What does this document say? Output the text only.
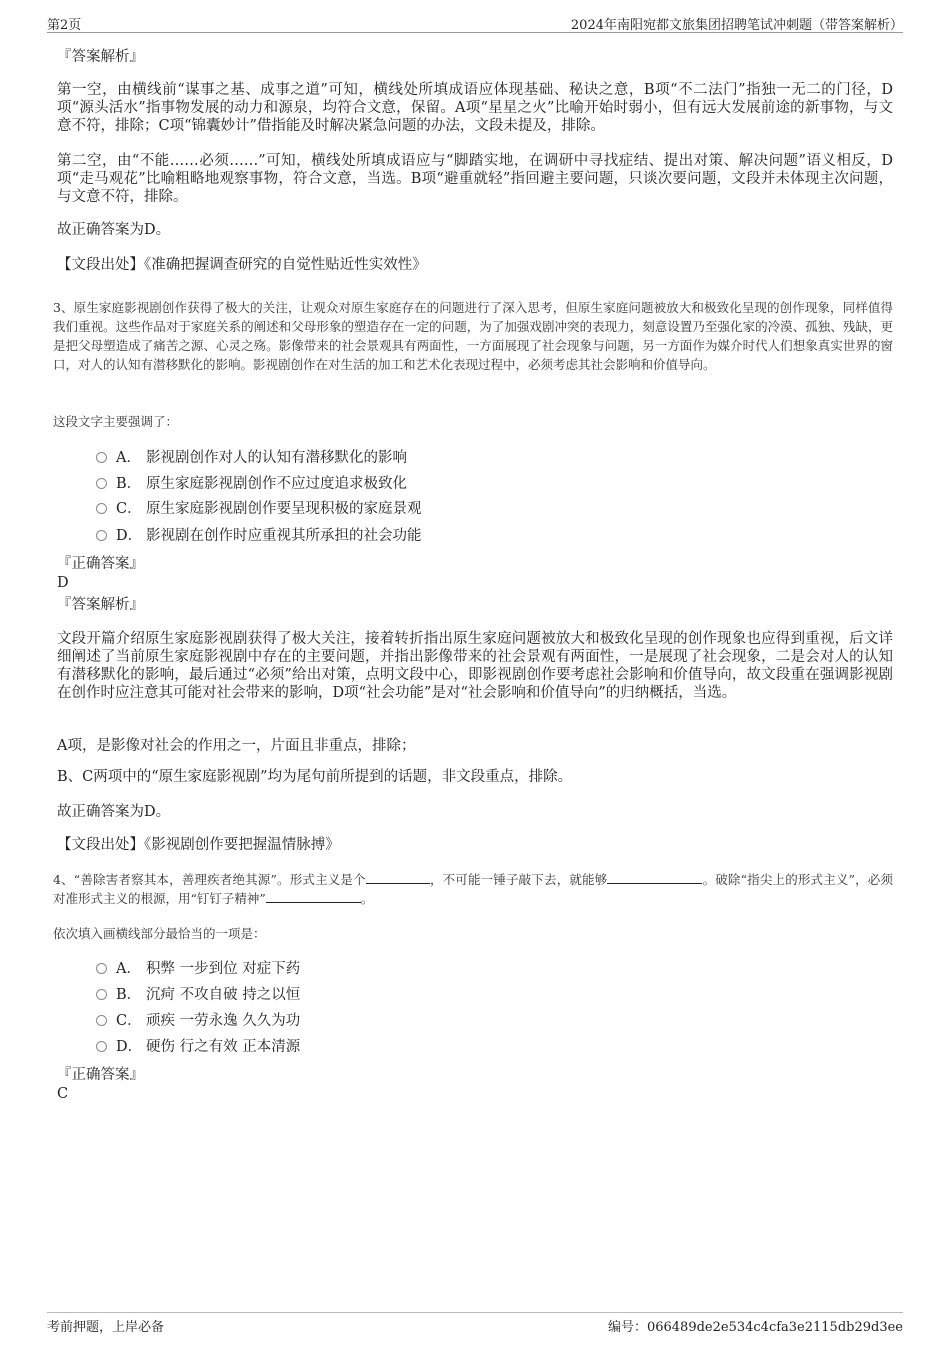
第2页	2024年南阳宛都文旅集团招聘笔试冲刺题（带答案解析）
『答案解析』
第一空，由横线前“谋事之基、成事之道”可知，横线处所填成语应体现基础、秘诀之意，B项“不二法门”指独一无二的门径，D项“源头活水”指事物发展的动力和源泉，均符合文意，保留。A项“星星之火”比喻开始时弱小，但有远大发展前途的新事物，与文意不符，排除；C项“锦囊妙计”借指能及时解决紧急问题的办法，文段未提及，排除。
第二空，由“不能……必须……”可知，横线处所填成语应与“脚踏实地，在调研中寻找症结、提出对策、解决问题”语义相反，D项“走马观花”比喻粗略地观察事物，符合文意，当选。B项“避重就轻”指回避主要问题，只谈次要问题，文段并未体现主次问题，与文意不符，排除。
故正确答案为D。
【文段出处】《准确把握调查研究的自觉性贴近性实效性》
3、原生家庭影视剧创作获得了极大的关注，让观众对原生家庭存在的问题进行了深入思考，但原生家庭问题被放大和极致化呈现的创作现象，同样值得我们重视。这些作品对于家庭关系的阐述和父母形象的塑造存在一定的问题，为了加强戏剧冲突的表现力，刻意设置乃至强化家的冷漠、孤独、残缺，更是把父母塑造成了痛苦之源、心灵之殇。影像带来的社会景观具有两面性，一方面展现了社会现象与问题，另一方面作为媒介时代人们想象真实世界的窗口，对人的认知有潜移默化的影响。影视剧创作在对生活的加工和艺术化表现过程中，必须考虑其社会影响和价值导向。
这段文字主要强调了：
A． 影视剧创作对人的认知有潜移默化的影响
B． 原生家庭影视剧创作不应过度追求极致化
C． 原生家庭影视剧创作要呈现积极的家庭景观
D． 影视剧在创作时应重视其所承担的社会功能
『正确答案』
D
『答案解析』
文段开篇介绍原生家庭影视剧获得了极大关注，接着转折指出原生家庭问题被放大和极致化呈现的创作现象也应得到重视，后文详细阐述了当前原生家庭影视剧中存在的主要问题，并指出影像带来的社会景观有两面性，一是展现了社会现象，二是会对人的认知有潜移默化的影响，最后通过“必须”给出对策，点明文段中心，即影视剧创作要考虑社会影响和价值导向，故文段重在强调影视剧在创作时应注意其可能对社会带来的影响，D项“社会功能”是对“社会影响和价值导向”的归纳概括，当选。
A项，是影像对社会的作用之一，片面且非重点，排除；
B、C两项中的“原生家庭影视剧”均为尾句前所提到的话题，非文段重点，排除。
故正确答案为D。
【文段出处】《影视剧创作要把握温情脉搏》
4、“善除害者察其本，善理疾者绝其源”。形式主义是个	，不可能一锤子敲下去，就能够	。破除“指尖上的形式主义”，必须对准形式主义的根源，用“钉钉子精神”	。
依次填入画横线部分最恰当的一项是：
A． 积弊 一步到位 对症下药
B． 沉疴 不攻自破 持之以恒
C． 顽疾 一劳永逸 久久为功
D． 硬伤 行之有效 正本清源
『正确答案』
C
考前押题，上岸必备	编号：066489de2e534c4cfa3e2115db29d3ee
